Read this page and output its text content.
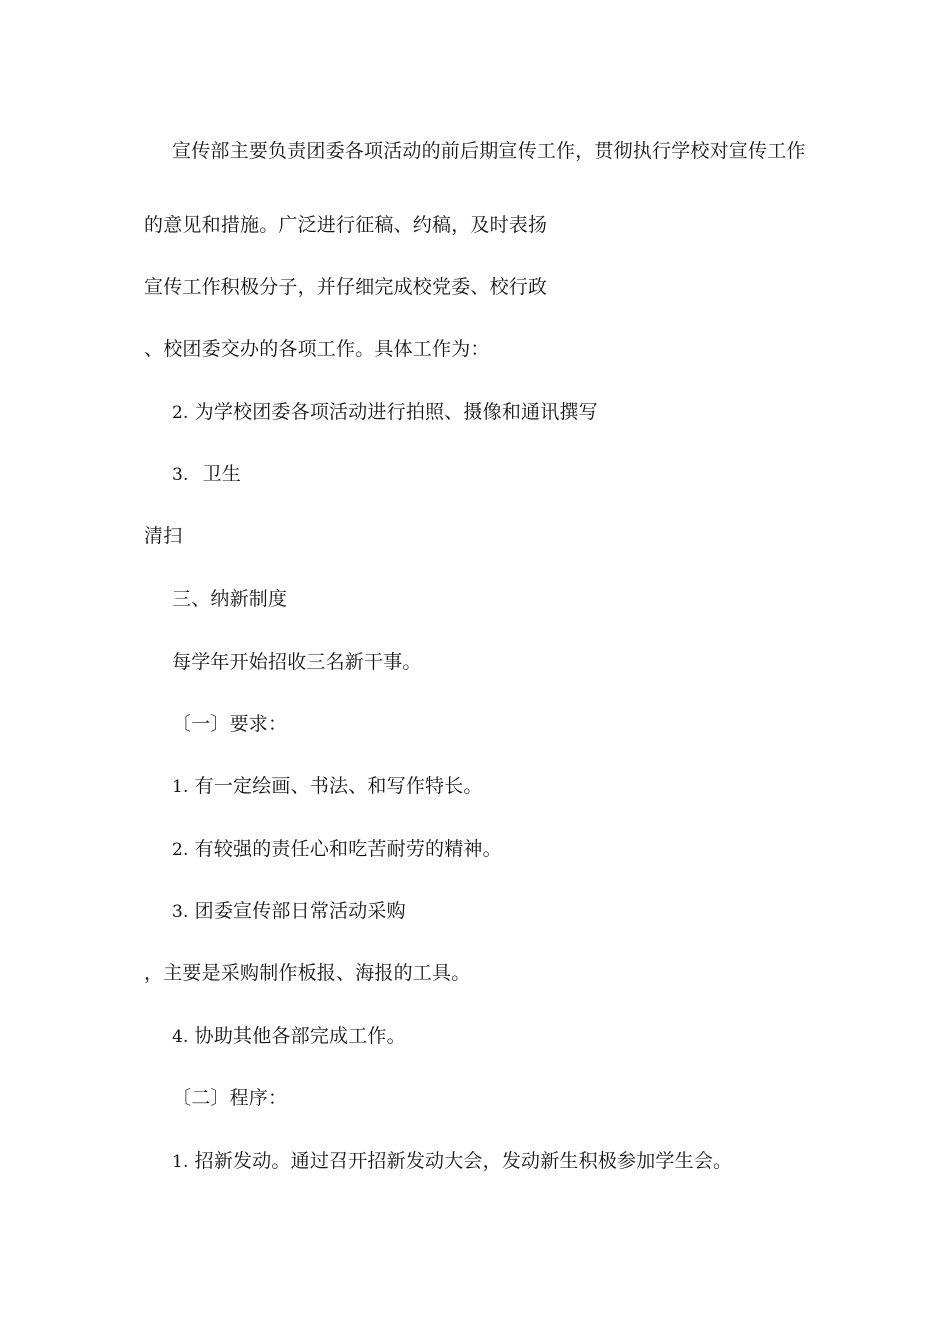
宣传部主要负责团委各项活动的前后期宣传工作，贯彻执行学校对宣传工作
的意见和措施。广泛进行征稿、约稿，及时表扬
宣传工作积极分子，并仔细完成校党委、校行政
、校团委交办的各项工作。具体工作为：
2. 为学校团委各项活动进行拍照、摄像和通讯撰写
3. 卫生
清扫
三、纳新制度
每学年开始招收三名新干事。
〔一〕要求：
1. 有一定绘画、书法、和写作特长。
2. 有较强的责任心和吃苦耐劳的精神。
3. 团委宣传部日常活动采购
，主要是采购制作板报、海报的工具。
4. 协助其他各部完成工作。
〔二〕程序：
1. 招新发动。通过召开招新发动大会，发动新生积极参加学生会。
